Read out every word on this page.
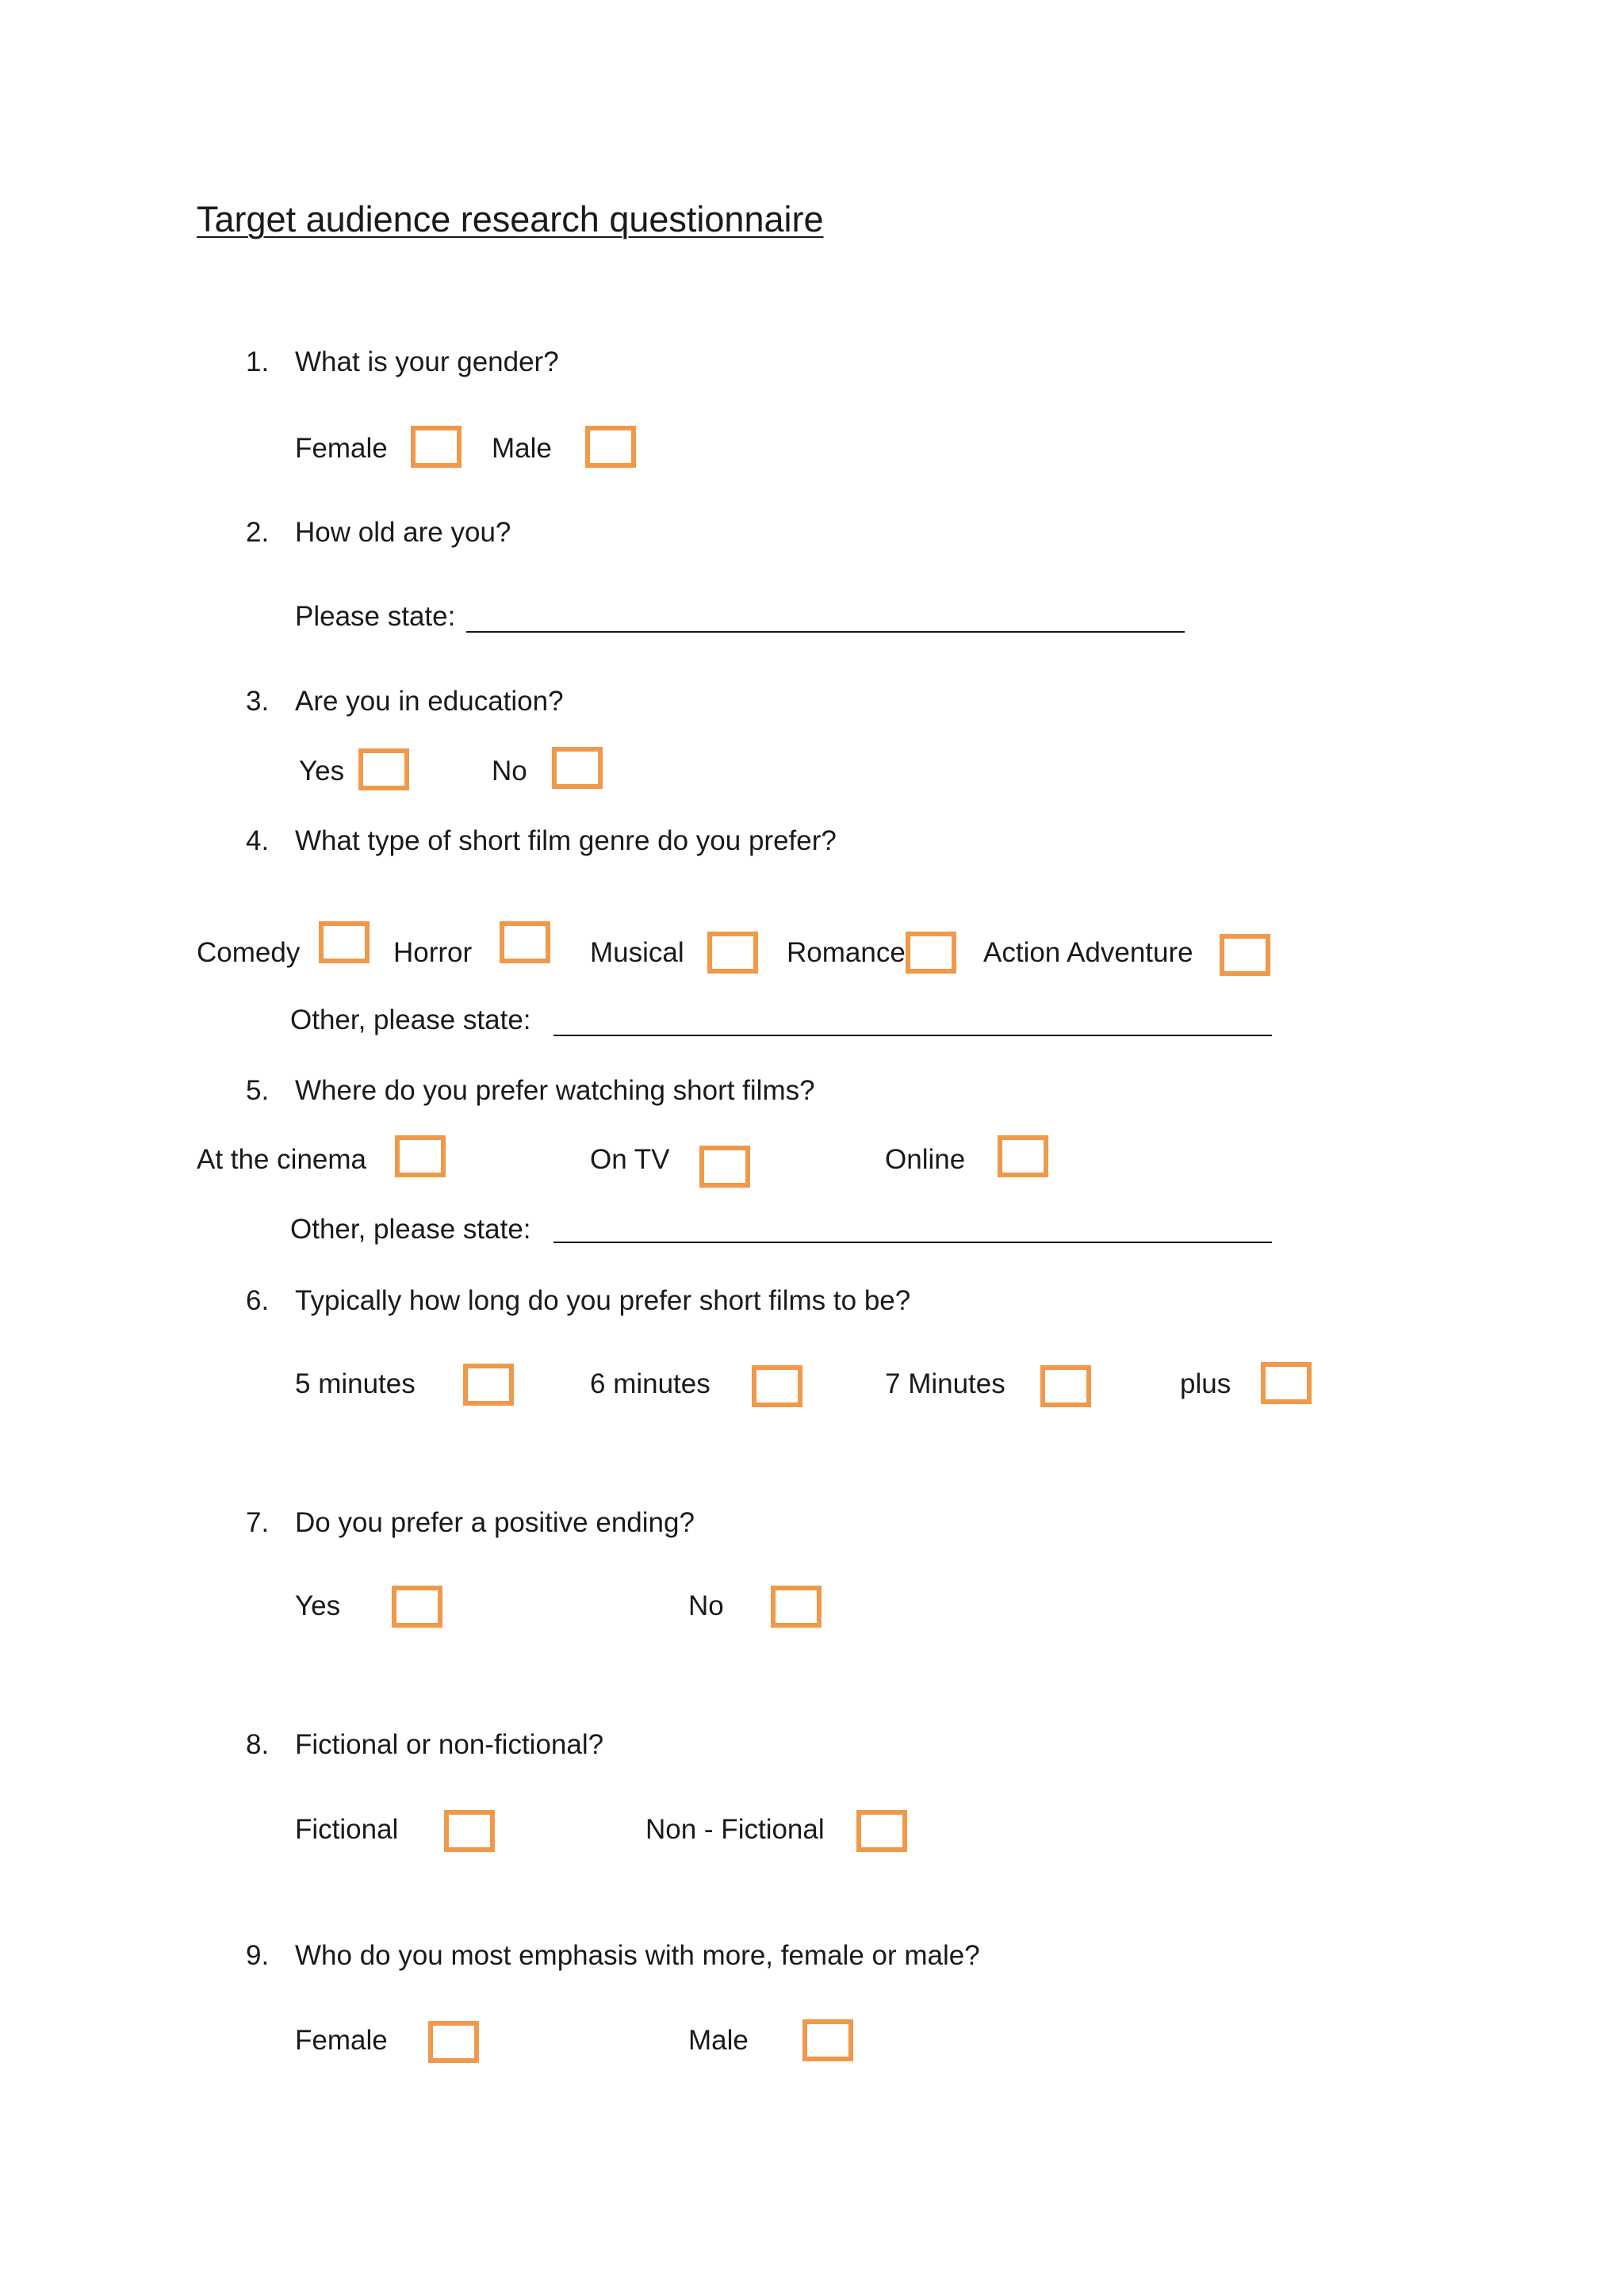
Target audience research questionnaire
1. What is your gender?
Female	Male
2. How old are you?
Please state:
3. Are you in education?
Yes	No
4. What type of short film genre do you prefer?
Comedy	Horror	Musical	Romance	Action Adventure
Other, please state:
5. Where do you prefer watching short films?
At the cinema	On TV	Online
Other, please state:
6. Typically how long do you prefer short films to be?
5 minutes	6 minutes	7 Minutes	plus
7. Do you prefer a positive ending?
Yes	No
8. Fictional or non-fictional?
Fictional	Non - Fictional
9. Who do you most emphasis with more, female or male?
Female	Male
